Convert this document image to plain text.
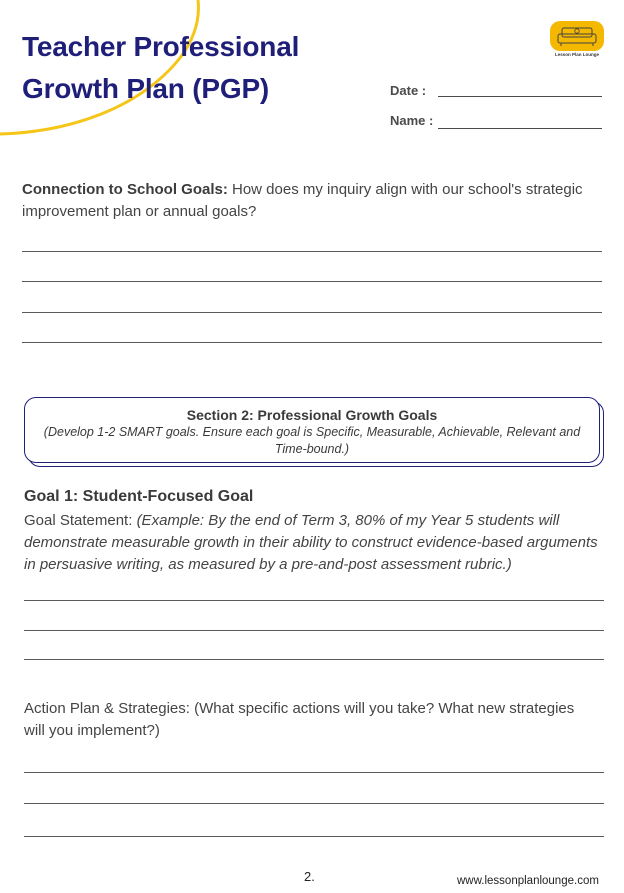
Teacher Professional
Growth Plan (PGP)
Lesson Plan Lounge
Date :
Name :
Connection to School Goals: How does my inquiry align with our school's strategic improvement plan or annual goals?
Section 2: Professional Growth Goals
(Develop 1-2 SMART goals. Ensure each goal is Specific, Measurable, Achievable, Relevant and Time-bound.)
Goal 1: Student-Focused Goal
Goal Statement: (Example: By the end of Term 3, 80% of my Year 5 students will demonstrate measurable growth in their ability to construct evidence-based arguments in persuasive writing, as measured by a pre-and-post assessment rubric.)
Action Plan & Strategies: (What specific actions will you take? What new strategies will you implement?)
2.	www.lessonplanlounge.com
